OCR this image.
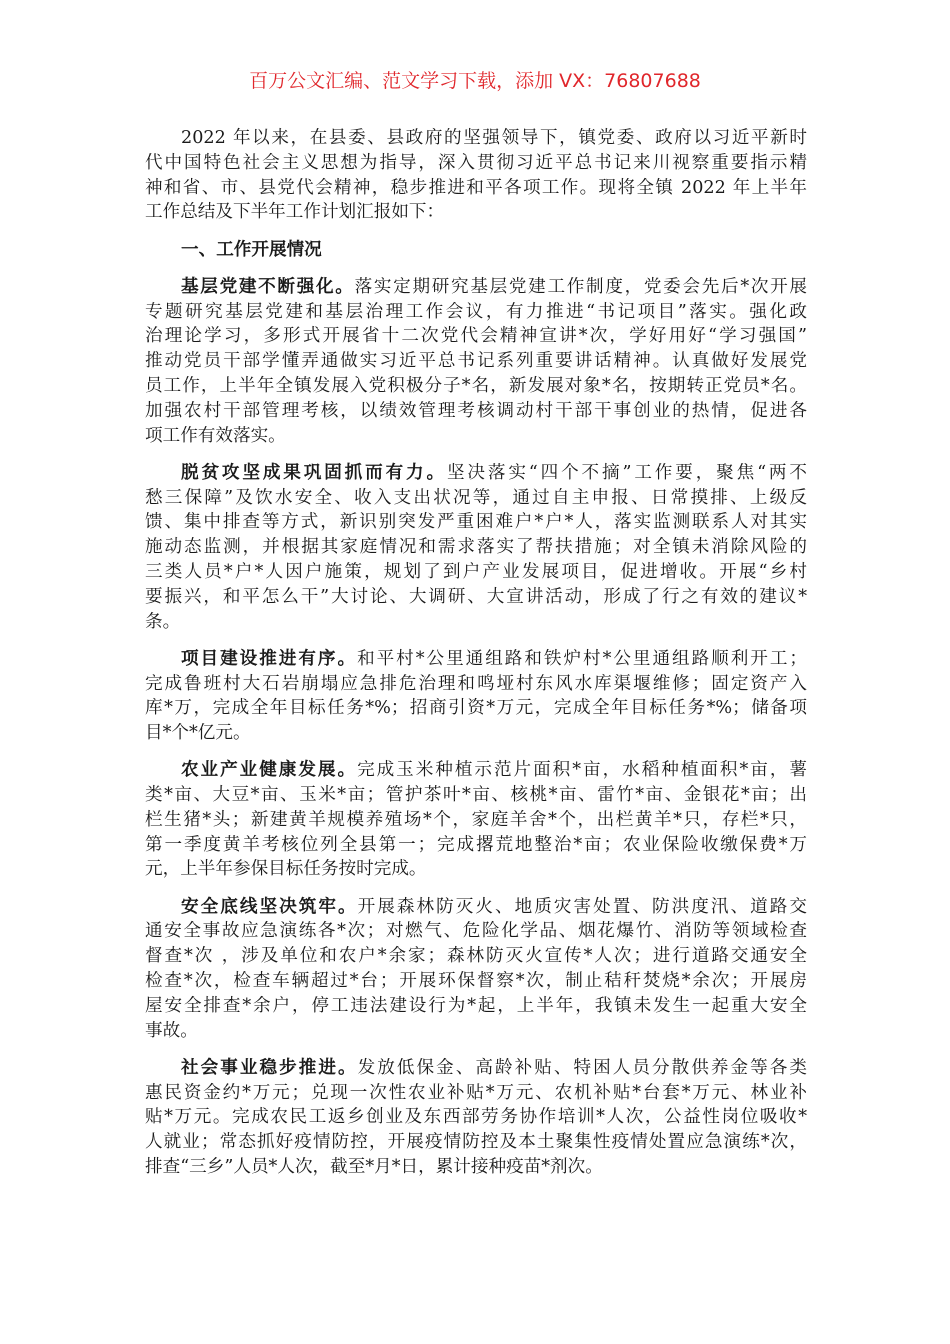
百万公文汇编、范文学习下载，添加 VX：76807688
2022 年以来，在县委、县政府的坚强领导下，镇党委、政府以习近平新时
代中国特色社会主义思想为指导，深入贯彻习近平总书记来川视察重要指示精
神和省、市、县党代会精神，稳步推进和平各项工作。现将全镇 2022 年上半年
工作总结及下半年工作计划汇报如下：
一、工作开展情况
基层党建不断强化。落实定期研究基层党建工作制度，党委会先后*次开展
专题研究基层党建和基层治理工作会议，有力推进“书记项目”落实。强化政
治理论学习，多形式开展省十二次党代会精神宣讲*次，学好用好“学习强国”
推动党员干部学懂弄通做实习近平总书记系列重要讲话精神。认真做好发展党
员工作，上半年全镇发展入党积极分子*名，新发展对象*名，按期转正党员*名。
加强农村干部管理考核，以绩效管理考核调动村干部干事创业的热情，促进各
项工作有效落实。
脱贫攻坚成果巩固抓而有力。坚决落实“四个不摘”工作要，聚焦“两不
愁三保障”及饮水安全、收入支出状况等，通过自主申报、日常摸排、上级反
馈、集中排查等方式，新识别突发严重困难户*户*人，落实监测联系人对其实
施动态监测，并根据其家庭情况和需求落实了帮扶措施；对全镇未消除风险的
三类人员*户*人因户施策，规划了到户产业发展项目，促进增收。开展“乡村
要振兴，和平怎么干”大讨论、大调研、大宣讲活动，形成了行之有效的建议*
条。
项目建设推进有序。和平村*公里通组路和铁炉村*公里通组路顺利开工；
完成鲁班村大石岩崩塌应急排危治理和鸣垭村东风水库渠堰维修；固定资产入
库*万，完成全年目标任务*%；招商引资*万元，完成全年目标任务*%；储备项
目*个*亿元。
农业产业健康发展。完成玉米种植示范片面积*亩，水稻种植面积*亩，薯
类*亩、大豆*亩、玉米*亩；管护茶叶*亩、核桃*亩、雷竹*亩、金银花*亩；出
栏生猪*头；新建黄羊规模养殖场*个，家庭羊舍*个，出栏黄羊*只，存栏*只，
第一季度黄羊考核位列全县第一；完成撂荒地整治*亩；农业保险收缴保费*万
元，上半年参保目标任务按时完成。
安全底线坚决筑牢。开展森林防灭火、地质灾害处置、防洪度汛、道路交
通安全事故应急演练各*次；对燃气、危险化学品、烟花爆竹、消防等领域检查
督查*次 ，涉及单位和农户*余家；森林防灭火宣传*人次；进行道路交通安全
检查*次，检查车辆超过*台；开展环保督察*次，制止秸秆焚烧*余次；开展房
屋安全排查*余户，停工违法建设行为*起，上半年，我镇未发生一起重大安全
事故。
社会事业稳步推进。发放低保金、高龄补贴、特困人员分散供养金等各类
惠民资金约*万元；兑现一次性农业补贴*万元、农机补贴*台套*万元、林业补
贴*万元。完成农民工返乡创业及东西部劳务协作培训*人次，公益性岗位吸收*
人就业；常态抓好疫情防控，开展疫情防控及本土聚集性疫情处置应急演练*次，
排查“三乡”人员*人次，截至*月*日，累计接种疫苗*剂次。
